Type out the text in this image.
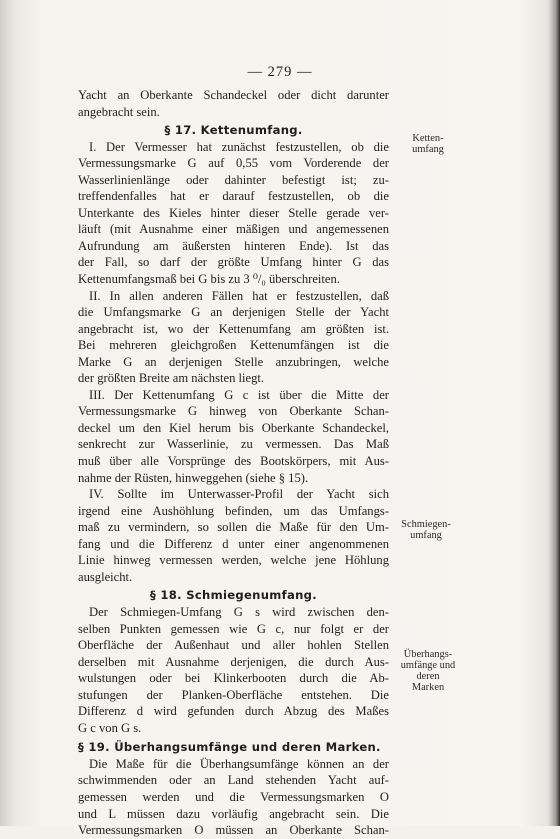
— 279 —
Yacht an Oberkante Schandeckel oder dicht darunter
angebracht sein.
§ 17. Kettenumfang.
I. Der Vermesser hat zunächst festzustellen, ob die
Vermessungsmarke G auf 0,55 vom Vorderende der
Wasserlinienlänge oder dahinter befestigt ist; zu-
treffendenfalles hat er darauf festzustellen, ob die
Unterkante des Kieles hinter dieser Stelle gerade ver-
läuft (mit Ausnahme einer mäßigen und angemessenen
Aufrundung am äußersten hinteren Ende). Ist das
der Fall, so darf der größte Umfang hinter G das
Kettenumfangsmaß bei G bis zu 3 ⁰/₀ überschreiten.
II. In allen anderen Fällen hat er festzustellen, daß
die Umfangsmarke G an derjenigen Stelle der Yacht
angebracht ist, wo der Kettenumfang am größten ist.
Bei mehreren gleichgroßen Kettenumfängen ist die
Marke G an derjenigen Stelle anzubringen, welche
der größten Breite am nächsten liegt.
III. Der Kettenumfang G c ist über die Mitte der
Vermessungsmarke G hinweg von Oberkante Schan-
deckel um den Kiel herum bis Oberkante Schandeckel,
senkrecht zur Wasserlinie, zu vermessen. Das Maß
muß über alle Vorsprünge des Bootskörpers, mit Aus-
nahme der Rüsten, hinweggehen (siehe § 15).
IV. Sollte im Unterwasser-Profil der Yacht sich
irgend eine Aushöhlung befinden, um das Umfangs-
maß zu vermindern, so sollen die Maße für den Um-
fang und die Differenz d unter einer angenommenen
Linie hinweg vermessen werden, welche jene Höhlung
ausgleicht.
§ 18. Schmiegenumfang.
Der Schmiegen-Umfang G s wird zwischen den-
selben Punkten gemessen wie G c, nur folgt er der
Oberfläche der Außenhaut und aller hohlen Stellen
derselben mit Ausnahme derjenigen, die durch Aus-
wulstungen oder bei Klinkerbooten durch die Ab-
stufungen der Planken-Oberfläche entstehen. Die
Differenz d wird gefunden durch Abzug des Maßes
G c von G s.
§ 19. Überhangsumfänge und deren Marken.
Die Maße für die Überhangsumfänge können an der
schwimmenden oder an Land stehenden Yacht auf-
gemessen werden und die Vermessungsmarken O
und L müssen dazu vorläufig angebracht sein. Die
Vermessungsmarken O müssen an Oberkante Schan-
Ketten-
umfang
Schmiegen-
umfang
Überhangs-
umfänge und
deren
Marken
